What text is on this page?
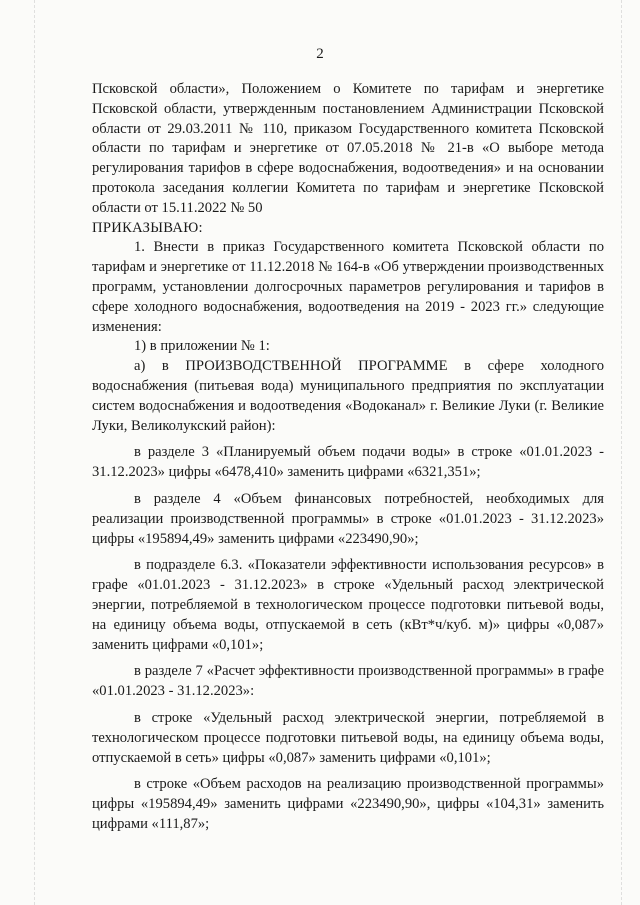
2

Псковской области», Положением о Комитете по тарифам и энергетике Псковской области, утвержденным постановлением Администрации Псковской области от 29.03.2011 № 110, приказом Государственного комитета Псковской области по тарифам и энергетике от 07.05.2018 № 21-в «О выборе метода регулирования тарифов в сфере водоснабжения, водоотведения» и на основании протокола заседания коллегии Комитета по тарифам и энергетике Псковской области от 15.11.2022 № 50

ПРИКАЗЫВАЮ:

1. Внести в приказ Государственного комитета Псковской области по тарифам и энергетике от 11.12.2018 № 164-в «Об утверждении производственных программ, установлении долгосрочных параметров регулирования и тарифов в сфере холодного водоснабжения, водоотведения на 2019 - 2023 гг.» следующие изменения:

1) в приложении № 1:

а) в ПРОИЗВОДСТВЕННОЙ ПРОГРАММЕ в сфере холодного водоснабжения (питьевая вода) муниципального предприятия по эксплуатации систем водоснабжения и водоотведения «Водоканал» г. Великие Луки (г. Великие Луки, Великолукский район):

в разделе 3 «Планируемый объем подачи воды» в строке «01.01.2023 - 31.12.2023» цифры «6478,410» заменить цифрами «6321,351»;

в разделе 4 «Объем финансовых потребностей, необходимых для реализации производственной программы» в строке «01.01.2023 - 31.12.2023» цифры «195894,49» заменить цифрами «223490,90»;

в подразделе 6.3. «Показатели эффективности использования ресурсов» в графе «01.01.2023 - 31.12.2023» в строке «Удельный расход электрической энергии, потребляемой в технологическом процессе подготовки питьевой воды, на единицу объема воды, отпускаемой в сеть (кВт*ч/куб. м)» цифры «0,087» заменить цифрами «0,101»;

в разделе 7 «Расчет эффективности производственной программы» в графе «01.01.2023 - 31.12.2023»:

в строке «Удельный расход электрической энергии, потребляемой в технологическом процессе подготовки питьевой воды, на единицу объема воды, отпускаемой в сеть» цифры «0,087» заменить цифрами «0,101»;

в строке «Объем расходов на реализацию производственной программы» цифры «195894,49» заменить цифрами «223490,90», цифры «104,31» заменить цифрами «111,87»;
